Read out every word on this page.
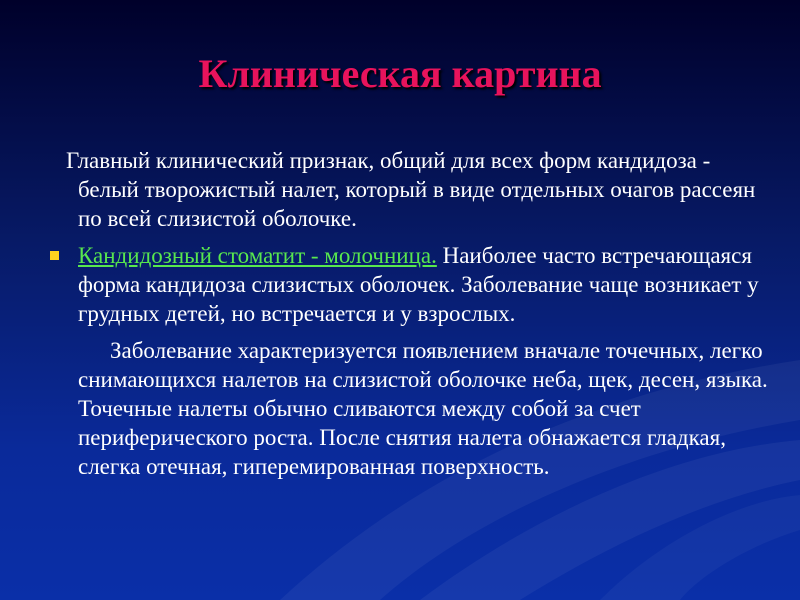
Клиническая картина

Главный клинический признак, общий для всех форм кандидоза - белый творожистый налет, который в виде отдельных очагов рассеян по всей слизистой оболочке.

Кандидозный стоматит - молочница. Наиболее часто встречающаяся форма кандидоза слизистых оболочек. Заболевание чаще возникает у грудных детей, но встречается и у взрослых.

Заболевание характеризуется появлением вначале точечных, легко снимающихся налетов на слизистой оболочке неба, щек, десен, языка. Точечные налеты обычно сливаются между собой за счет периферического роста. После снятия налета обнажается гладкая, слегка отечная, гиперемированная поверхность.
